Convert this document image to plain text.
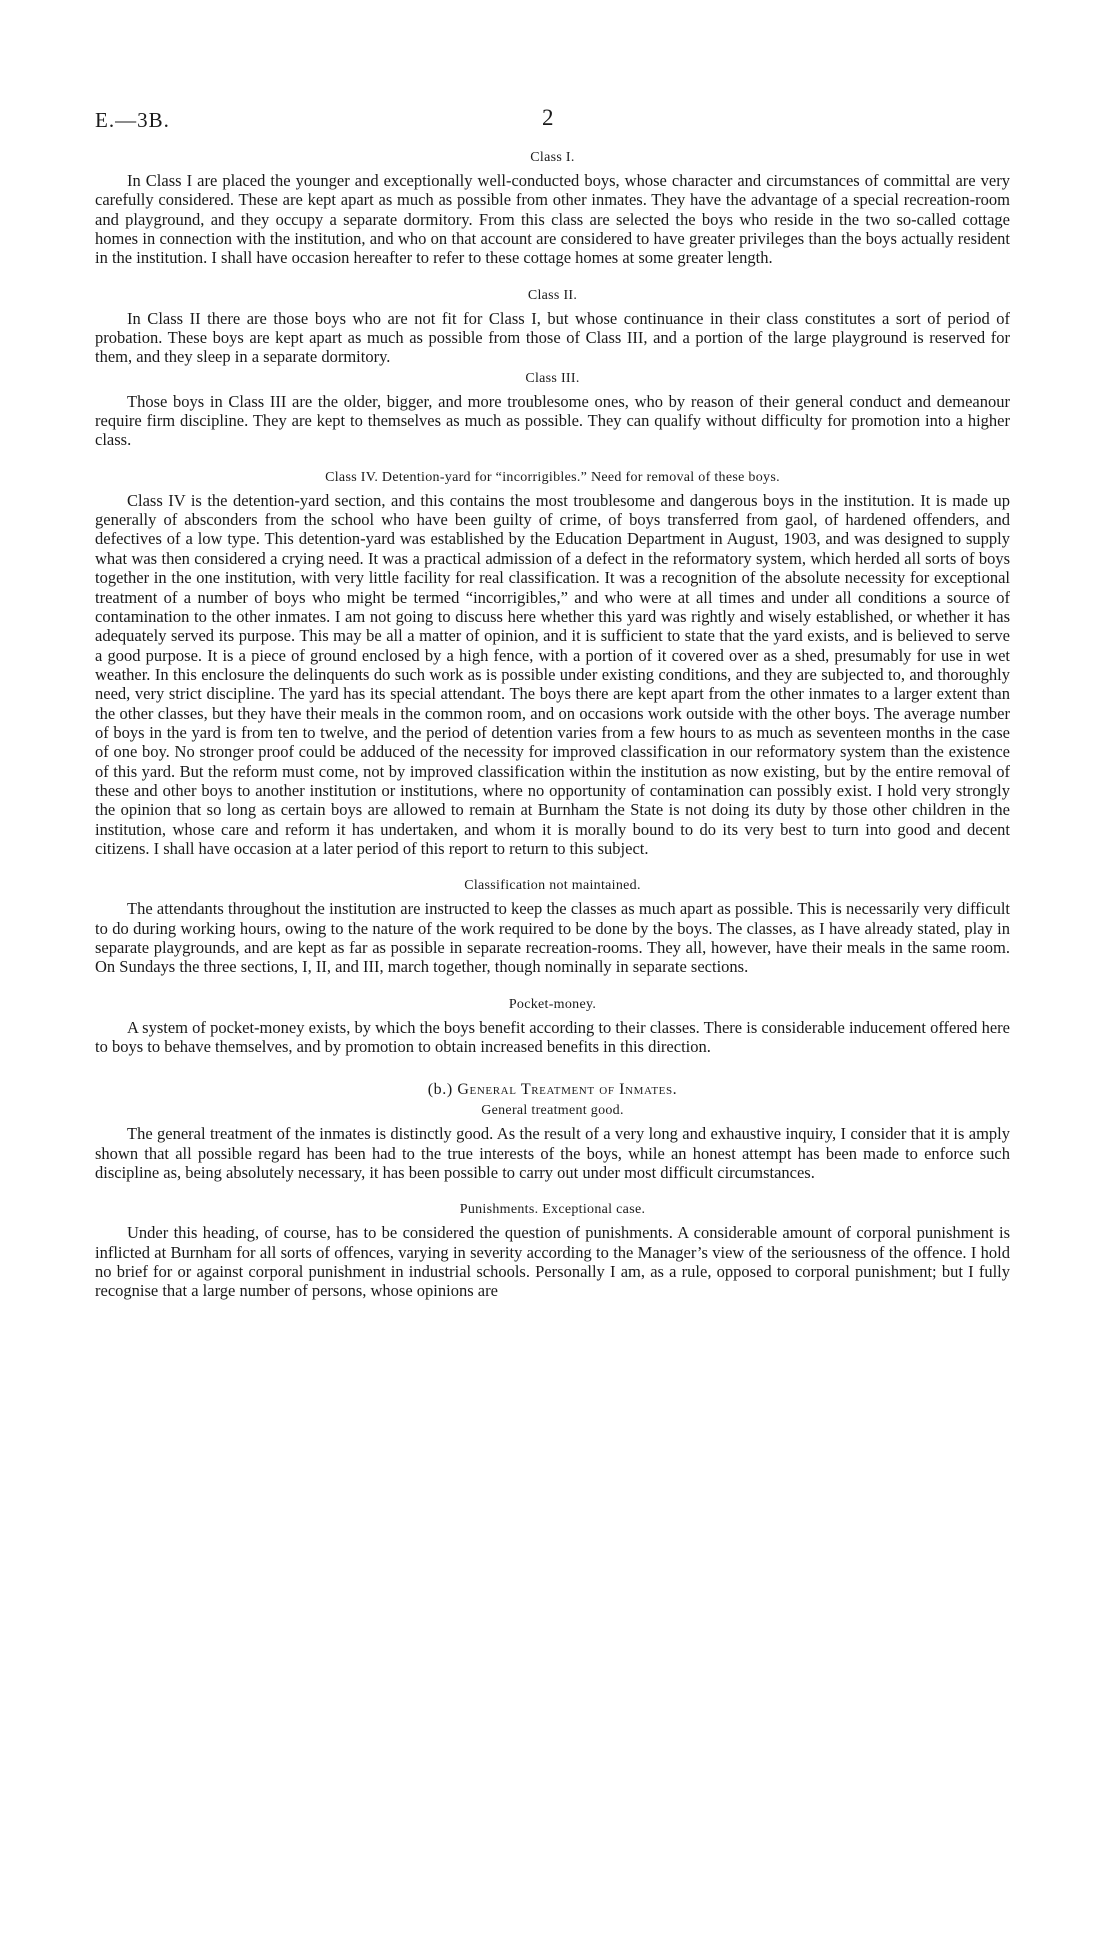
E.—3B.	2

Class I.

In Class I are placed the younger and exceptionally well-conducted boys, whose character and circumstances of committal are very carefully considered. These are kept apart as much as possible from other inmates. They have the advantage of a special recreation-room and playground, and they occupy a separate dormitory. From this class are selected the boys who reside in the two so-called cottage homes in connection with the institution, and who on that account are considered to have greater privileges than the boys actually resident in the institution. I shall have occasion hereafter to refer to these cottage homes at some greater length.

Class II.

In Class II there are those boys who are not fit for Class I, but whose continuance in their class constitutes a sort of period of probation. These boys are kept apart as much as possible from those of Class III, and a portion of the large playground is reserved for them, and they sleep in a separate dormitory.

Class III.

Those boys in Class III are the older, bigger, and more troublesome ones, who by reason of their general conduct and demeanour require firm discipline. They are kept to themselves as much as possible. They can qualify without difficulty for promotion into a higher class.

Class IV. Detention-yard for “incorrigibles.” Need for removal of these boys.

Class IV is the detention-yard section, and this contains the most troublesome and dangerous boys in the institution. It is made up generally of absconders from the school who have been guilty of crime, of boys transferred from gaol, of hardened offenders, and defectives of a low type. This detention-yard was established by the Education Department in August, 1903, and was designed to supply what was then considered a crying need. It was a practical admission of a defect in the reformatory system, which herded all sorts of boys together in the one institution, with very little facility for real classification. It was a recognition of the absolute necessity for exceptional treatment of a number of boys who might be termed “incorrigibles,” and who were at all times and under all conditions a source of contamination to the other inmates. I am not going to discuss here whether this yard was rightly and wisely established, or whether it has adequately served its purpose. This may be all a matter of opinion, and it is sufficient to state that the yard exists, and is believed to serve a good purpose. It is a piece of ground enclosed by a high fence, with a portion of it covered over as a shed, presumably for use in wet weather. In this enclosure the delinquents do such work as is possible under existing conditions, and they are subjected to, and thoroughly need, very strict discipline. The yard has its special attendant. The boys there are kept apart from the other inmates to a larger extent than the other classes, but they have their meals in the common room, and on occasions work outside with the other boys. The average number of boys in the yard is from ten to twelve, and the period of detention varies from a few hours to as much as seventeen months in the case of one boy. No stronger proof could be adduced of the necessity for improved classification in our reformatory system than the existence of this yard. But the reform must come, not by improved classification within the institution as now existing, but by the entire removal of these and other boys to another institution or institutions, where no opportunity of contamination can possibly exist. I hold very strongly the opinion that so long as certain boys are allowed to remain at Burnham the State is not doing its duty by those other children in the institution, whose care and reform it has undertaken, and whom it is morally bound to do its very best to turn into good and decent citizens. I shall have occasion at a later period of this report to return to this subject.

Classification not maintained.

The attendants throughout the institution are instructed to keep the classes as much apart as possible. This is necessarily very difficult to do during working hours, owing to the nature of the work required to be done by the boys. The classes, as I have already stated, play in separate playgrounds, and are kept as far as possible in separate recreation-rooms. They all, however, have their meals in the same room. On Sundays the three sections, I, II, and III, march together, though nominally in separate sections.

Pocket-money.

A system of pocket-money exists, by which the boys benefit according to their classes. There is considerable inducement offered here to boys to behave themselves, and by promotion to obtain increased benefits in this direction.

(b.) General Treatment of Inmates.

General treatment good.

The general treatment of the inmates is distinctly good. As the result of a very long and exhaustive inquiry, I consider that it is amply shown that all possible regard has been had to the true interests of the boys, while an honest attempt has been made to enforce such discipline as, being absolutely necessary, it has been possible to carry out under most difficult circumstances.

Punishments. Exceptional case.

Under this heading, of course, has to be considered the question of punishments. A considerable amount of corporal punishment is inflicted at Burnham for all sorts of offences, varying in severity according to the Manager’s view of the seriousness of the offence. I hold no brief for or against corporal punishment in industrial schools. Personally I am, as a rule, opposed to corporal punishment; but I fully recognise that a large number of persons, whose opinions are
